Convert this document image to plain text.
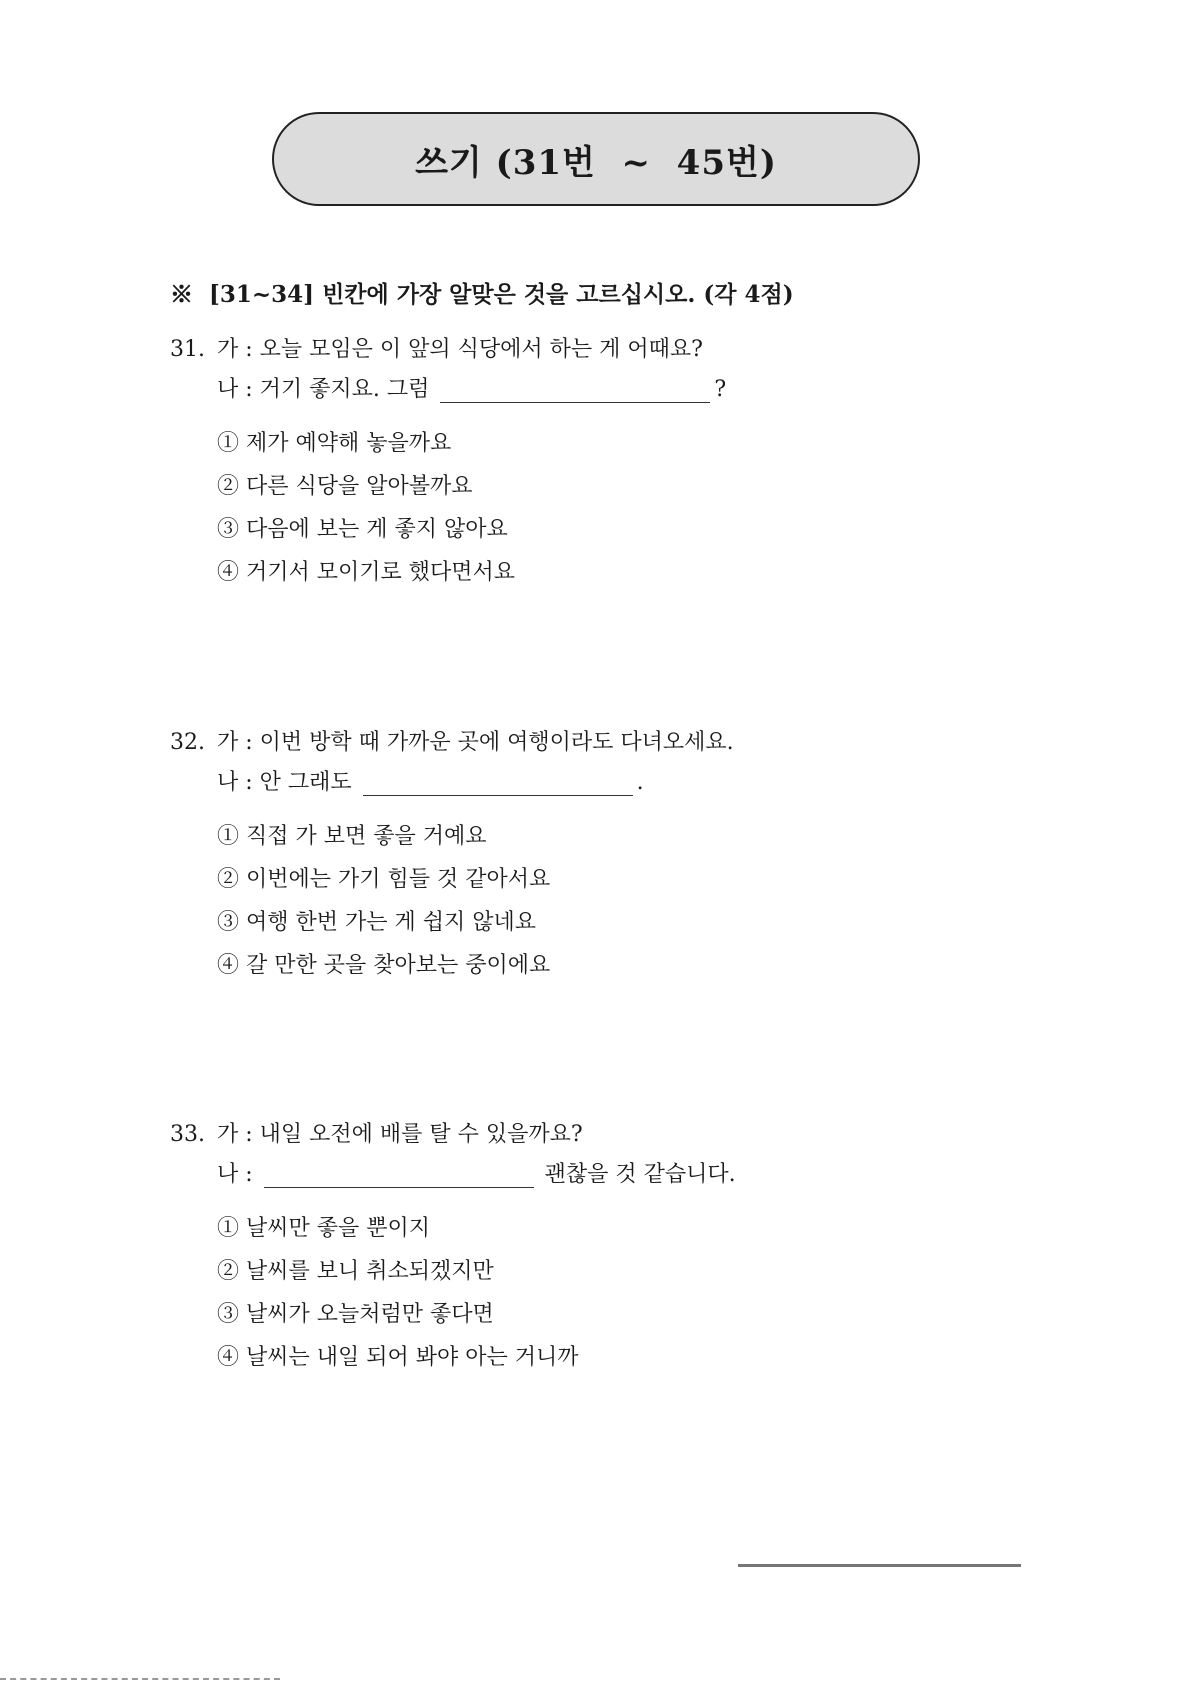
쓰기 (31번  ~  45번)
※  [31~34] 빈칸에 가장 알맞은 것을 고르십시오. (각 4점)
31. 가 : 오늘 모임은 이 앞의 식당에서 하는 게 어때요?
나 : 거기 좋지요. 그럼	?
① 제가 예약해 놓을까요
② 다른 식당을 알아볼까요
③ 다음에 보는 게 좋지 않아요
④ 거기서 모이기로 했다면서요
32. 가 : 이번 방학 때 가까운 곳에 여행이라도 다녀오세요.
나 : 안 그래도	.
① 직접 가 보면 좋을 거예요
② 이번에는 가기 힘들 것 같아서요
③ 여행 한번 가는 게 쉽지 않네요
④ 갈 만한 곳을 찾아보는 중이에요
33. 가 : 내일 오전에 배를 탈 수 있을까요?
나 :	괜찮을 것 같습니다.
① 날씨만 좋을 뿐이지
② 날씨를 보니 취소되겠지만
③ 날씨가 오늘처럼만 좋다면
④ 날씨는 내일 되어 봐야 아는 거니까
